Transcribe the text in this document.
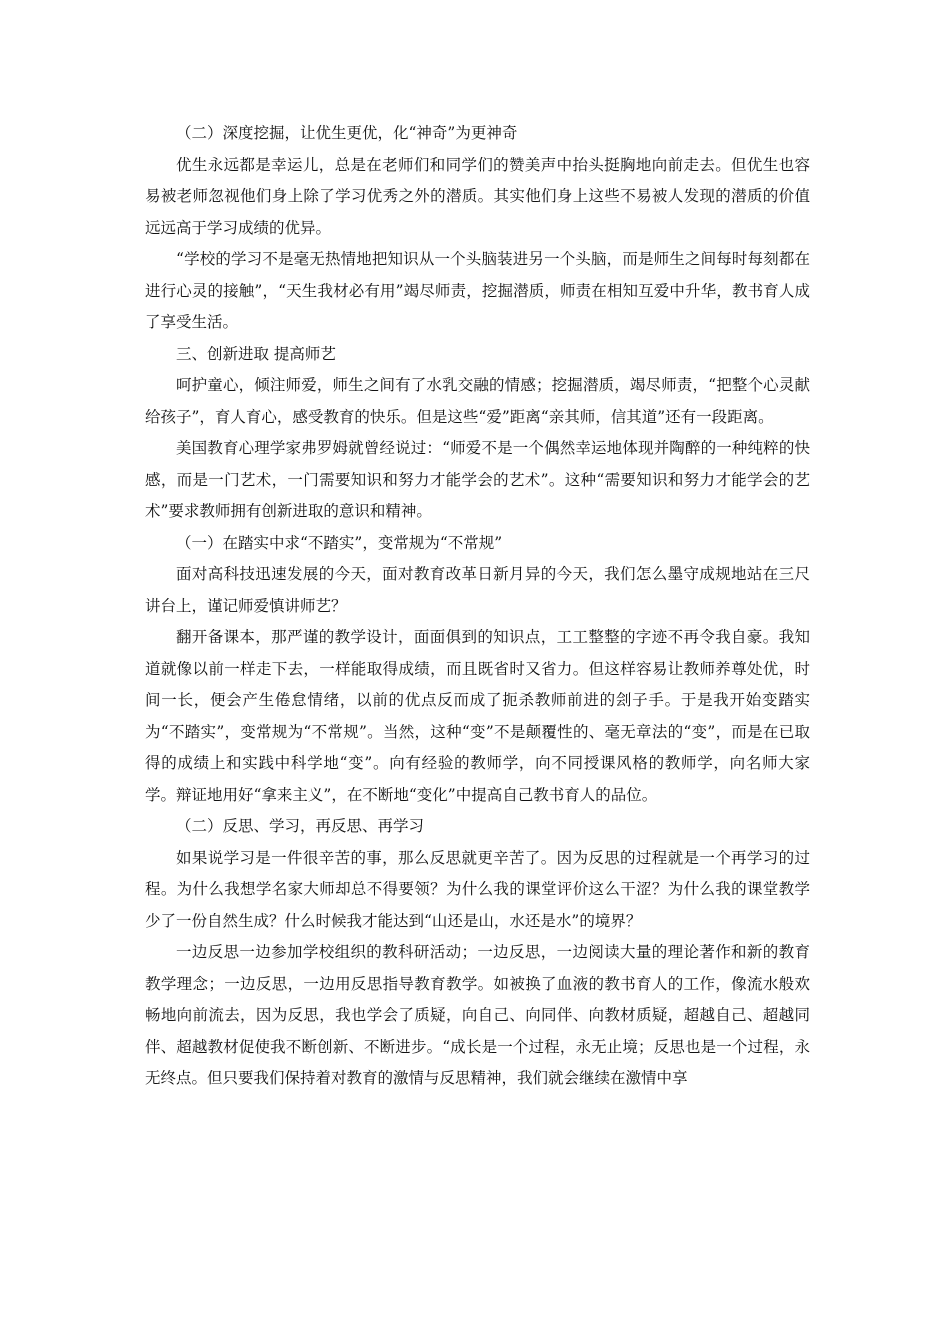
（二）深度挖掘，让优生更优，化“神奇”为更神奇

优生永远都是幸运儿，总是在老师们和同学们的赞美声中抬头挺胸地向前走去。但优生也容易被老师忽视他们身上除了学习优秀之外的潜质。其实他们身上这些不易被人发现的潜质的价值远远高于学习成绩的优异。

“学校的学习不是毫无热情地把知识从一个头脑装进另一个头脑，而是师生之间每时每刻都在进行心灵的接触”，“天生我材必有用”竭尽师责，挖掘潜质，师责在相知互爱中升华，教书育人成了享受生活。

三、创新进取 提高师艺

呵护童心，倾注师爱，师生之间有了水乳交融的情感；挖掘潜质，竭尽师责，“把整个心灵献给孩子”，育人育心，感受教育的快乐。但是这些“爱”距离“亲其师，信其道”还有一段距离。

美国教育心理学家弗罗姆就曾经说过：“师爱不是一个偶然幸运地体现并陶醉的一种纯粹的快感，而是一门艺术，一门需要知识和努力才能学会的艺术”。这种“需要知识和努力才能学会的艺术”要求教师拥有创新进取的意识和精神。

（一）在踏实中求“不踏实”，变常规为“不常规”

面对高科技迅速发展的今天，面对教育改革日新月异的今天，我们怎么墨守成规地站在三尺讲台上，谨记师爱慎讲师艺？

翻开备课本，那严谨的教学设计，面面俱到的知识点，工工整整的字迹不再令我自豪。我知道就像以前一样走下去，一样能取得成绩，而且既省时又省力。但这样容易让教师养尊处优，时间一长，便会产生倦怠情绪，以前的优点反而成了扼杀教师前进的刽子手。于是我开始变踏实为“不踏实”，变常规为“不常规”。当然，这种“变”不是颠覆性的、毫无章法的“变”，而是在已取得的成绩上和实践中科学地“变”。向有经验的教师学，向不同授课风格的教师学，向名师大家学。辩证地用好“拿来主义”，在不断地“变化”中提高自己教书育人的品位。

（二）反思、学习，再反思、再学习

如果说学习是一件很辛苦的事，那么反思就更辛苦了。因为反思的过程就是一个再学习的过程。为什么我想学名家大师却总不得要领？为什么我的课堂评价这么干涩？为什么我的课堂教学少了一份自然生成？什么时候我才能达到“山还是山，水还是水”的境界？

一边反思一边参加学校组织的教科研活动；一边反思，一边阅读大量的理论著作和新的教育教学理念；一边反思，一边用反思指导教育教学。如被换了血液的教书育人的工作，像流水般欢畅地向前流去，因为反思，我也学会了质疑，向自己、向同伴、向教材质疑，超越自己、超越同伴、超越教材促使我不断创新、不断进步。“成长是一个过程，永无止境；反思也是一个过程，永无终点。但只要我们保持着对教育的激情与反思精神，我们就会继续在激情中享
